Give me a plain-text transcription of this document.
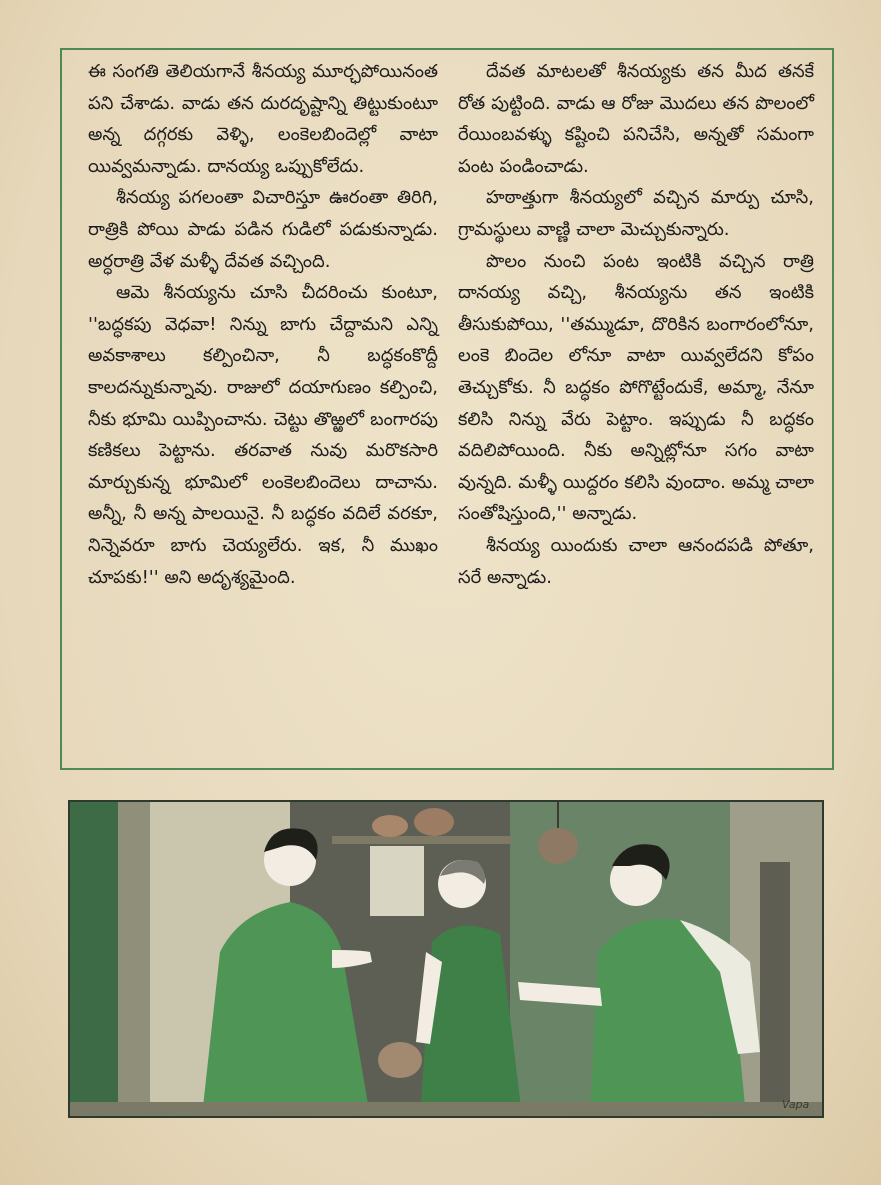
ఈ సంగతి తెలియగానే శీనయ్య మూర్ఛపోయినంత పని చేశాడు. వాడు తన దురదృష్టాన్ని తిట్టుకుంటూ అన్న దగ్గరకు వెళ్ళి, లంకెలబిందెల్లో వాటా యివ్వమన్నాడు. దానయ్య ఒప్పుకోలేదు.

శీనయ్య పగలంతా విచారిస్తూ ఊరంతా తిరిగి, రాత్రికి పోయి పాడు పడిన గుడిలో పడుకున్నాడు. అర్ధరాత్రి వేళ మళ్ళీ దేవత వచ్చింది.

ఆమె శీనయ్యను చూసి చీదరించు కుంటూ, ''బద్ధకపు వెధవా! నిన్ను బాగు చేద్దామని ఎన్ని అవకాశాలు కల్పించినా, నీ బద్ధకంకొద్దీ కాలదన్నుకున్నావు. రాజులో దయాగుణం కల్పించి, నీకు భూమి యిప్పించాను. చెట్టు తొఱ్ఱలో బంగారపు కణికలు పెట్టాను. తరవాత నువు మరొకసారి మార్చుకున్న భూమిలో లంకెలబిందెలు దాచాను. అన్నీ, నీ అన్న పాలయినై. నీ బద్ధకం వదిలే వరకూ, నిన్నెవరూ బాగు చెయ్యలేరు. ఇక, నీ ముఖం చూపకు!'' అని అదృశ్యమైంది.

దేవత మాటలతో శీనయ్యకు తన మీద తనకే రోత పుట్టింది. వాడు ఆ రోజు మొదలు తన పొలంలో రేయింబవళ్ళు కష్టించి పనిచేసి, అన్నతో సమంగా పంట పండించాడు.

హఠాత్తుగా శీనయ్యలో వచ్చిన మార్పు చూసి, గ్రామస్థులు వాణ్ణి చాలా మెచ్చుకున్నారు.

పొలం నుంచి పంట ఇంటికి వచ్చిన రాత్రి దానయ్య వచ్చి, శీనయ్యను తన ఇంటికి తీసుకుపోయి, ''తమ్ముడూ, దొరికిన బంగారంలోనూ, లంకె బిందెల లోనూ వాటా యివ్వలేదని కోపం తెచ్చుకోకు. నీ బద్ధకం పోగొట్టేందుకే, అమ్మా, నేనూ కలిసి నిన్ను వేరు పెట్టాం. ఇప్పుడు నీ బద్ధకం వదిలిపోయింది. నీకు అన్నిట్లోనూ సగం వాటా వున్నది. మళ్ళీ యిద్దరం కలిసి వుందాం. అమ్మ చాలా సంతోషిస్తుంది,'' అన్నాడు.

శీనయ్య యిందుకు చాలా ఆనందపడి పోతూ, సరే అన్నాడు.

Vapa
